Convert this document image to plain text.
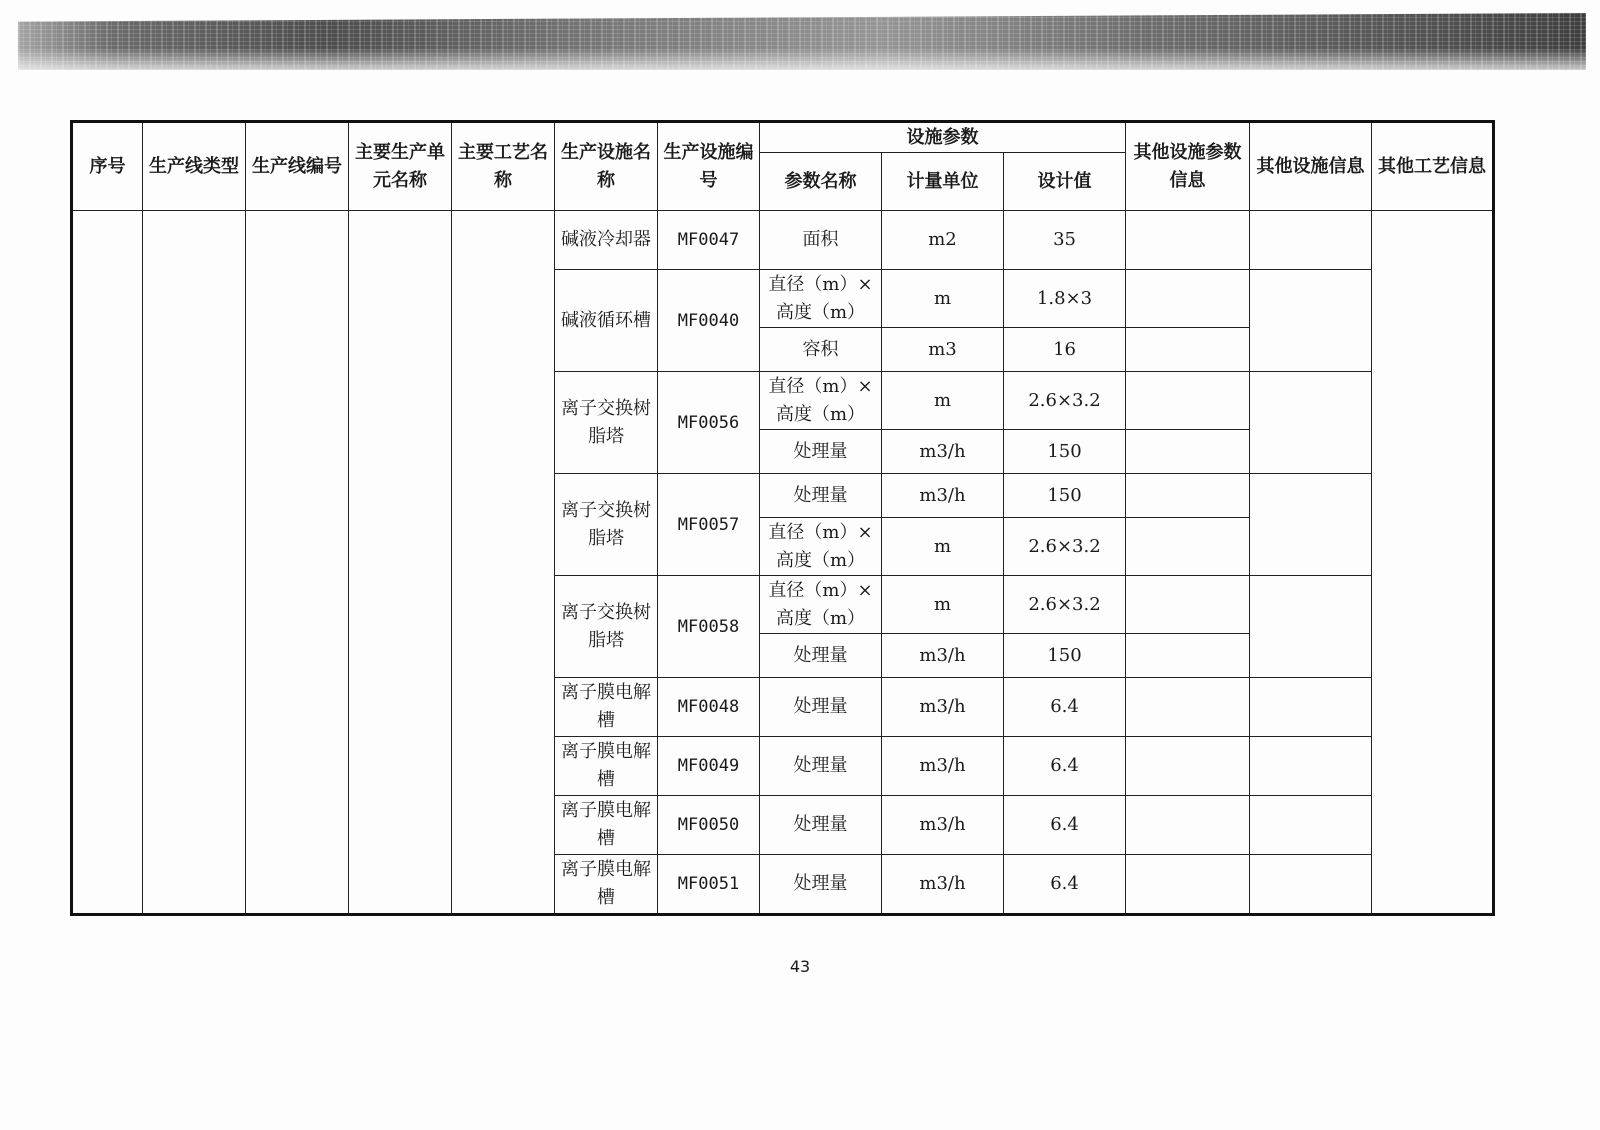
序号	生产线类型	生产线编号	主要生产单元名称	主要工艺名称	生产设施名称	生产设施编号	设施参数			其他设施参数信息	其他设施信息	其他工艺信息
							参数名称	计量单位	设计值			
					碱液冷却器	MF0047	面积	m2	35			
					碱液循环槽	MF0040	直径（m）×高度（m）	m	1.8×3			
							容积	m3	16			
					离子交换树脂塔	MF0056	直径（m）×高度（m）	m	2.6×3.2			
							处理量	m3/h	150			
					离子交换树脂塔	MF0057	处理量	m3/h	150			
							直径（m）×高度（m）	m	2.6×3.2			
					离子交换树脂塔	MF0058	直径（m）×高度（m）	m	2.6×3.2			
							处理量	m3/h	150			
					离子膜电解槽	MF0048	处理量	m3/h	6.4			
					离子膜电解槽	MF0049	处理量	m3/h	6.4			
					离子膜电解槽	MF0050	处理量	m3/h	6.4			
					离子膜电解槽	MF0051	处理量	m3/h	6.4			
43
